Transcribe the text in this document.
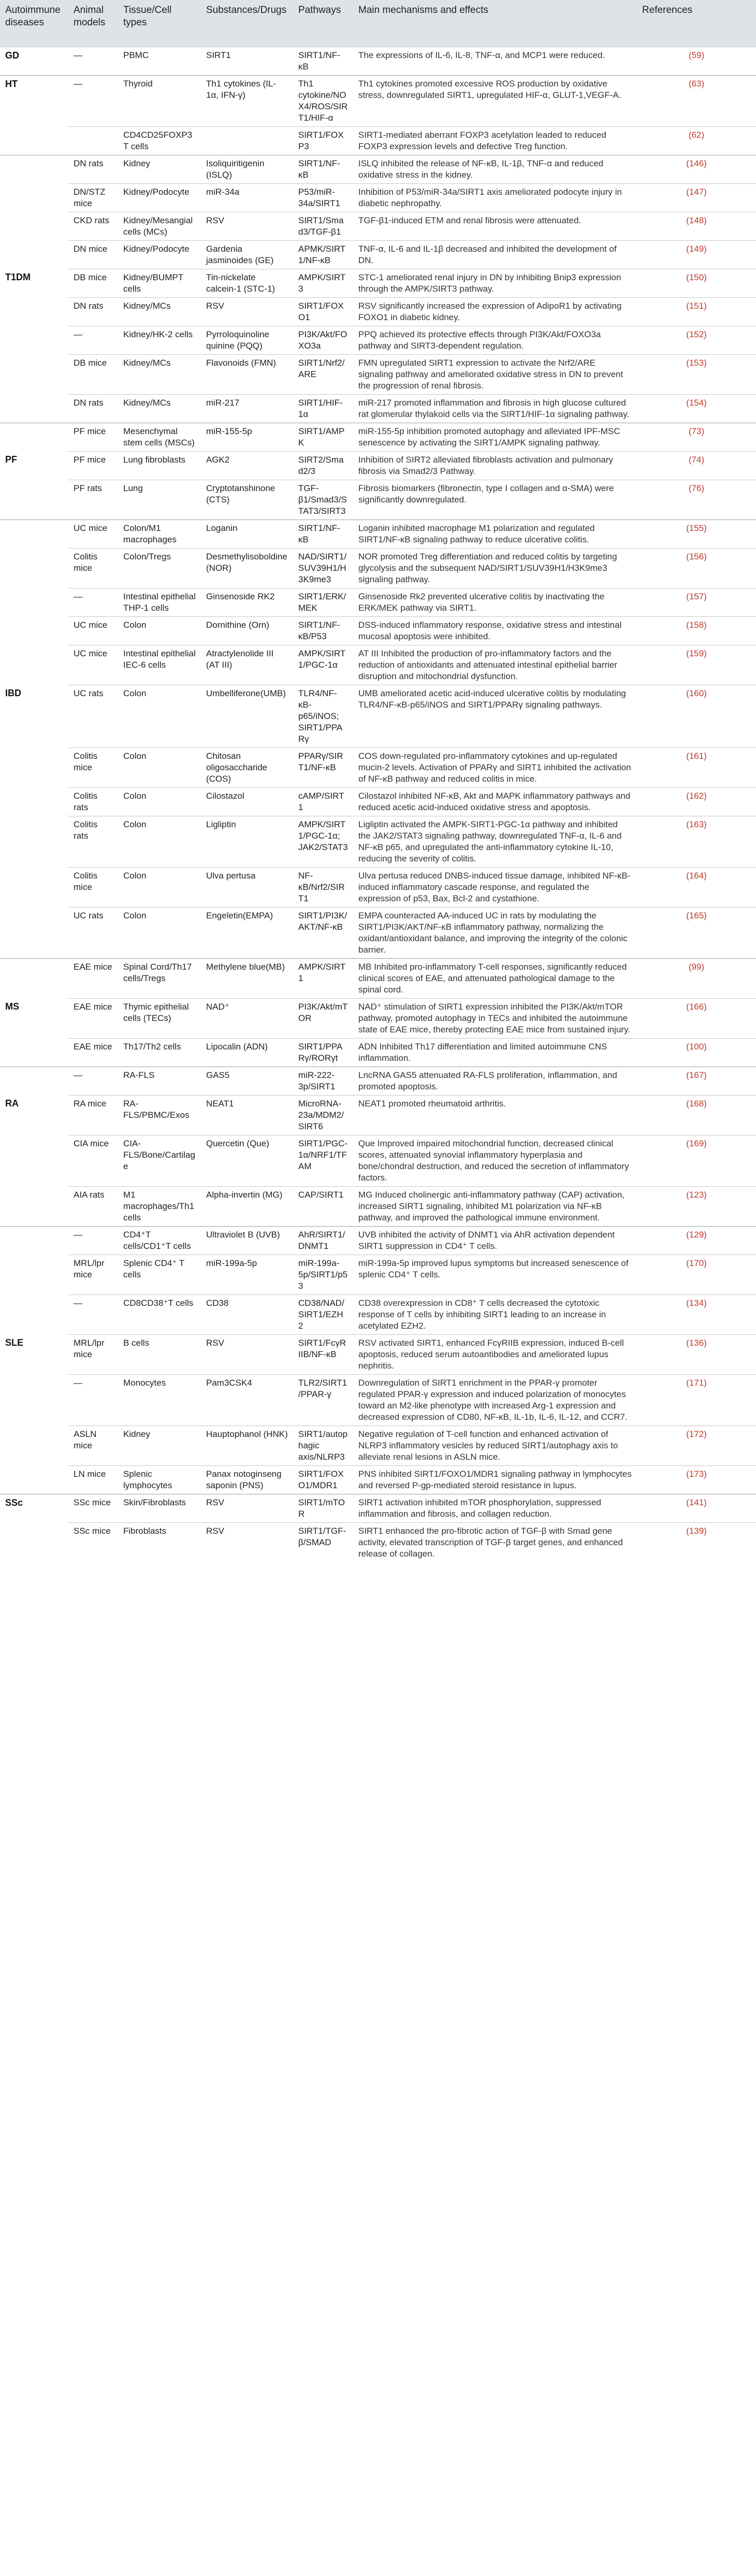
Autoimmune diseases	Animal models	Tissue/Cell types	Substances/Drugs	Pathways	Main mechanisms and effects	References
GD	—	PBMC	SIRT1	SIRT1/NF-κB	The expressions of IL-6, IL-8, TNF-α, and MCP1 were reduced.	(59)
HT	—	Thyroid	Th1 cytokines (IL-1α, IFN-γ)	Th1 cytokine/NOX4/ROS/SIRT1/HIF-α	Th1 cytokines promoted excessive ROS production by oxidative stress, downregulated SIRT1, upregulated HIF-α, GLUT-1,VEGF-A.	(63)
		CD4CD25FOXP3 T cells		SIRT1/FOXP3	SIRT1-mediated aberrant FOXP3 acetylation leaded to reduced FOXP3 expression levels and defective Treg function.	(62)
	DN rats	Kidney	Isoliquiritigenin (ISLQ)	SIRT1/NF-κB	ISLQ inhibited the release of NF-κB, IL-1β, TNF-α and reduced oxidative stress in the kidney.	(146)
	DN/STZ mice	Kidney/Podocyte	miR-34a	P53/miR-34a/SIRT1	Inhibition of P53/miR-34a/SIRT1 axis ameliorated podocyte injury in diabetic nephropathy.	(147)
	CKD rats	Kidney/Mesangial cells (MCs)	RSV	SIRT1/Smad3/TGF-β1	TGF-β1-induced ETM and renal fibrosis were attenuated.	(148)
	DN mice	Kidney/Podocyte	Gardenia jasminoides (GE)	APMK/SIRT1/NF-κB	TNF-α, IL-6 and IL-1β decreased and inhibited the development of DN.	(149)
T1DM	DB mice	Kidney/BUMPT cells	Tin-nickelate calcein-1 (STC-1)	AMPK/SIRT3	STC-1 ameliorated renal injury in DN by inhibiting Bnip3 expression through the AMPK/SIRT3 pathway.	(150)
	DN rats	Kidney/MCs	RSV	SIRT1/FOXO1	RSV significantly increased the expression of AdipoR1 by activating FOXO1 in diabetic kidney.	(151)
	—	Kidney/HK-2 cells	Pyrroloquinoline quinine (PQQ)	PI3K/Akt/FOXO3a	PPQ achieved its protective effects through PI3K/Akt/FOXO3a pathway and SIRT3-dependent regulation.	(152)
	DB mice	Kidney/MCs	Flavonoids (FMN)	SIRT1/Nrf2/ARE	FMN upregulated SIRT1 expression to activate the Nrf2/ARE signaling pathway and ameliorated oxidative stress in DN to prevent the progression of renal fibrosis.	(153)
	DN rats	Kidney/MCs	miR-217	SIRT1/HIF-1α	miR-217 promoted inflammation and fibrosis in high glucose cultured rat glomerular thylakoid cells via the SIRT1/HIF-1α signaling pathway.	(154)
	PF mice	Mesenchymal stem cells (MSCs)	miR-155-5p	SIRT1/AMPK	miR-155-5p inhibition promoted autophagy and alleviated IPF-MSC senescence by activating the SIRT1/AMPK signaling pathway.	(73)
PF	PF mice	Lung fibroblasts	AGK2	SIRT2/Smad2/3	Inhibition of SIRT2 alleviated fibroblasts activation and pulmonary fibrosis via Smad2/3 Pathway.	(74)
	PF rats	Lung	Cryptotanshinone (CTS)	TGF-β1/Smad3/STAT3/SIRT3	Fibrosis biomarkers (fibronectin, type I collagen and α-SMA) were significantly downregulated.	(76)
	UC mice	Colon/M1 macrophages	Loganin	SIRT1/NF-κB	Loganin inhibited macrophage M1 polarization and regulated SIRT1/NF-κB signaling pathway to reduce ulcerative colitis.	(155)
	Colitis mice	Colon/Tregs	Desmethylisoboldine (NOR)	NAD/SIRT1/SUV39H1/H3K9me3	NOR promoted Treg differentiation and reduced colitis by targeting glycolysis and the subsequent NAD/SIRT1/SUV39H1/H3K9me3 signaling pathway.	(156)
	—	Intestinal epithelial THP-1 cells	Ginsenoside RK2	SIRT1/ERK/MEK	Ginsenoside Rk2 prevented ulcerative colitis by inactivating the ERK/MEK pathway via SIRT1.	(157)
	UC mice	Colon	Dornithine (Orn)	SIRT1/NF-κB/P53	DSS-induced inflammatory response, oxidative stress and intestinal mucosal apoptosis were inhibited.	(158)
	UC mice	Intestinal epithelial IEC-6 cells	Atractylenolide III (AT III)	AMPK/SIRT1/PGC-1α	AT III Inhibited the production of pro-inflammatory factors and the reduction of antioxidants and attenuated intestinal epithelial barrier disruption and mitochondrial dysfunction.	(159)
IBD	UC rats	Colon	Umbelliferone(UMB)	TLR4/NF-κB-p65/iNOS; SIRT1/PPARγ	UMB ameliorated acetic acid-induced ulcerative colitis by modulating TLR4/NF-κB-p65/iNOS and SIRT1/PPARγ signaling pathways.	(160)
	Colitis mice	Colon	Chitosan oligosaccharide (COS)	PPARγ/SIRT1/NF-κB	COS down-regulated pro-inflammatory cytokines and up-regulated mucin-2 levels. Activation of PPARγ and SIRT1 inhibited the activation of NF-κB pathway and reduced colitis in mice.	(161)
	Colitis rats	Colon	Cilostazol	cAMP/SIRT1	Cilostazol inhibited NF-κB, Akt and MAPK inflammatory pathways and reduced acetic acid-induced oxidative stress and apoptosis.	(162)
	Colitis rats	Colon	Ligliptin	AMPK/SIRT1/PGC-1α; JAK2/STAT3	Ligliptin activated the AMPK-SIRT1-PGC-1α pathway and inhibited the JAK2/STAT3 signaling pathway, downregulated TNF-α, IL-6 and NF-κB p65, and upregulated the anti-inflammatory cytokine IL-10, reducing the severity of colitis.	(163)
	Colitis mice	Colon	Ulva pertusa	NF-κB/Nrf2/SIRT1	Ulva pertusa reduced DNBS-induced tissue damage, inhibited NF-κB-induced inflammatory cascade response, and regulated the expression of p53, Bax, Bcl-2 and cystathione.	(164)
	UC rats	Colon	Engeletin(EMPA)	SIRT1/PI3K/AKT/NF-κB	EMPA counteracted AA-induced UC in rats by modulating the SIRT1/PI3K/AKT/NF-κB inflammatory pathway, normalizing the oxidant/antioxidant balance, and improving the integrity of the colonic barrier.	(165)
	EAE mice	Spinal Cord/Th17 cells/Tregs	Methylene blue(MB)	AMPK/SIRT1	MB Inhibited pro-inflammatory T-cell responses, significantly reduced clinical scores of EAE, and attenuated pathological damage to the spinal cord.	(99)
MS	EAE mice	Thymic epithelial cells (TECs)	NAD⁺	PI3K/Akt/mTOR	NAD⁺ stimulation of SIRT1 expression inhibited the PI3K/Akt/mTOR pathway, promoted autophagy in TECs and inhibited the autoimmune state of EAE mice, thereby protecting EAE mice from sustained injury.	(166)
	EAE mice	Th17/Th2 cells	Lipocalin (ADN)	SIRT1/PPARγ/RORγt	ADN Inhibited Th17 differentiation and limited autoimmune CNS inflammation.	(100)
	—	RA-FLS	GAS5	miR-222-3p/SIRT1	LncRNA GAS5 attenuated RA-FLS proliferation, inflammation, and promoted apoptosis.	(167)
RA	RA mice	RA-FLS/PBMC/Exos	NEAT1	MicroRNA-23a/MDM2/SIRT6	NEAT1 promoted rheumatoid arthritis.	(168)
	CIA mice	CIA-FLS/Bone/Cartilage	Quercetin (Que)	SIRT1/PGC-1α/NRF1/TFAM	Que Improved impaired mitochondrial function, decreased clinical scores, attenuated synovial inflammatory hyperplasia and bone/chondral destruction, and reduced the secretion of inflammatory factors.	(169)
	AIA rats	M1 macrophages/Th1 cells	Alpha-invertin (MG)	CAP/SIRT1	MG Induced cholinergic anti-inflammatory pathway (CAP) activation, increased SIRT1 signaling, inhibited M1 polarization via NF-κB pathway, and improved the pathological immune environment.	(123)
	—	CD4⁺T cells/CD1⁺T cells	Ultraviolet B (UVB)	AhR/SIRT1/DNMT1	UVB inhibited the activity of DNMT1 via AhR activation dependent SIRT1 suppression in CD4⁺ T cells.	(129)
	MRL/lpr mice	Splenic CD4⁺ T cells	miR-199a-5p	miR-199a-5p/SIRT1/p53	miR-199a-5p improved lupus symptoms but increased senescence of splenic CD4⁺ T cells.	(170)
	—	CD8CD38⁺T cells	CD38	CD38/NAD/SIRT1/EZH2	CD38 overexpression in CD8⁺ T cells decreased the cytotoxic response of T cells by inhibiting SIRT1 leading to an increase in acetylated EZH2.	(134)
SLE	MRL/lpr mice	B cells	RSV	SIRT1/FcγRIIB/NF-κB	RSV activated SIRT1, enhanced FcγRIIB expression, induced B-cell apoptosis, reduced serum autoantibodies and ameliorated lupus nephritis.	(136)
	—	Monocytes	Pam3CSK4	TLR2/SIRT1/PPAR-γ	Downregulation of SIRT1 enrichment in the PPAR-γ promoter regulated PPAR-γ expression and induced polarization of monocytes toward an M2-like phenotype with increased Arg-1 expression and decreased expression of CD80, NF-κB, IL-1b, IL-6, IL-12, and CCR7.	(171)
	ASLN mice	Kidney	Hauptophanol (HNK)	SIRT1/autophagic axis/NLRP3	Negative regulation of T-cell function and enhanced activation of NLRP3 inflammatory vesicles by reduced SIRT1/autophagy axis to alleviate renal lesions in ASLN mice.	(172)
	LN mice	Splenic lymphocytes	Panax notoginseng saponin (PNS)	SIRT1/FOXO1/MDR1	PNS inhibited SIRT1/FOXO1/MDR1 signaling pathway in lymphocytes and reversed P-gp-mediated steroid resistance in lupus.	(173)
SSc	SSc mice	Skin/Fibroblasts	RSV	SIRT1/mTOR	SIRT1 activation inhibited mTOR phosphorylation, suppressed inflammation and fibrosis, and collagen reduction.	(141)
	SSc mice	Fibroblasts	RSV	SIRT1/TGF-β/SMAD	SIRT1 enhanced the pro-fibrotic action of TGF-β with Smad gene activity, elevated transcription of TGF-β target genes, and enhanced release of collagen.	(139)
